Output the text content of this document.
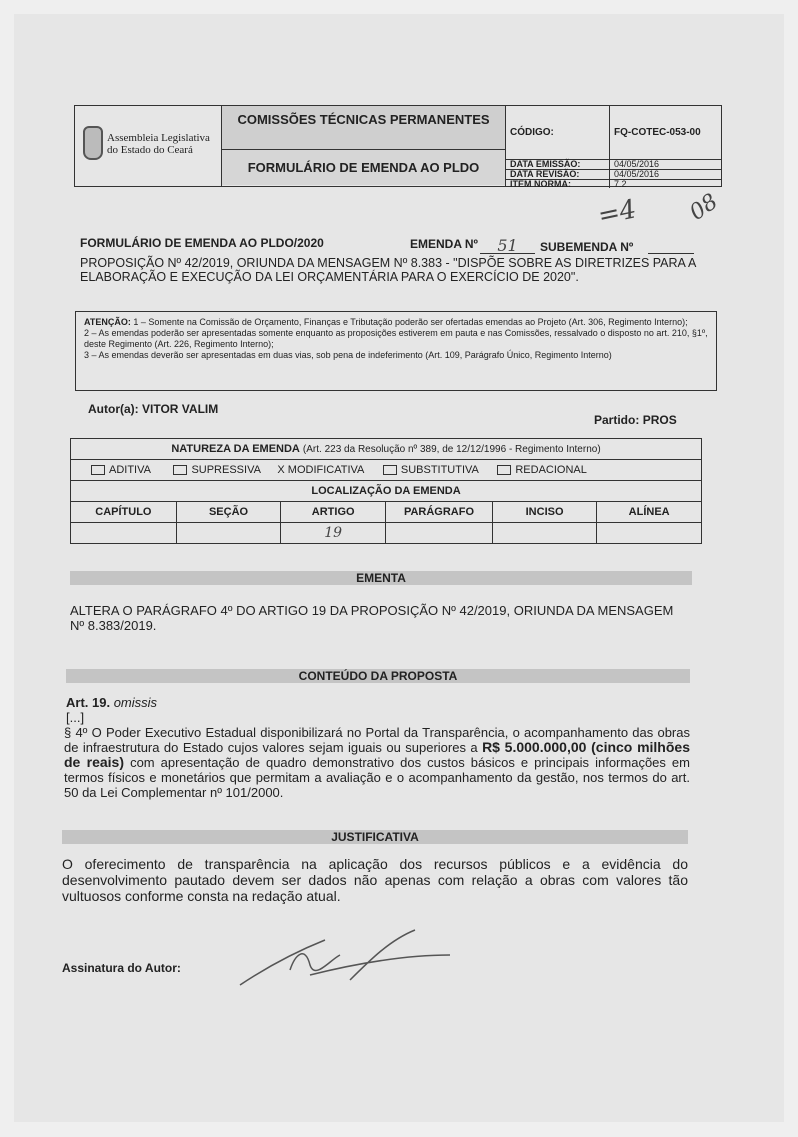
Assembleia Legislativa
do Estado do Ceará
COMISSÕES TÉCNICAS PERMANENTES
FORMULÁRIO DE EMENDA AO PLDO
CÓDIGO:	FQ-COTEC-053-00
DATA EMISSÃO:	04/05/2016
DATA REVISÃO:	04/05/2016
ITEM NORMA:	7.2
=4 08
FORMULÁRIO DE EMENDA AO PLDO/2020	EMENDA Nº	51	SUBEMENDA Nº
PROPOSIÇÃO Nº 42/2019, ORIUNDA DA MENSAGEM Nº 8.383 - "DISPÕE SOBRE AS DIRETRIZES PARA A ELABORAÇÃO E EXECUÇÃO DA LEI ORÇAMENTÁRIA PARA O EXERCÍCIO DE 2020".
ATENÇÃO: 1 – Somente na Comissão de Orçamento, Finanças e Tributação poderão ser ofertadas emendas ao Projeto (Art. 306, Regimento Interno);
2 – As emendas poderão ser apresentadas somente enquanto as proposições estiverem em pauta e nas Comissões, ressalvado o disposto no art. 210, §1º, deste Regimento (Art. 226, Regimento Interno);
3 – As emendas deverão ser apresentadas em duas vias, sob pena de indeferimento (Art. 109, Parágrafo Único, Regimento Interno)
Autor(a): VITOR VALIM
Partido: PROS
NATUREZA DA EMENDA (Art. 223 da Resolução nº 389, de 12/12/1996 - Regimento Interno)					
ADITIVA SUPRESSIVA X MODIFICATIVA SUBSTITUTIVA REDACIONAL					
LOCALIZAÇÃO DA EMENDA					
CAPÍTULO	SEÇÃO	ARTIGO	PARÁGRAFO	INCISO	ALÍNEA
		19			
EMENTA
ALTERA O PARÁGRAFO 4º DO ARTIGO 19 DA PROPOSIÇÃO Nº 42/2019, ORIUNDA DA MENSAGEM Nº 8.383/2019.
CONTEÚDO DA PROPOSTA
Art. 19. omissis
[...]
§ 4º O Poder Executivo Estadual disponibilizará no Portal da Transparência, o acompanhamento das obras de infraestrutura do Estado cujos valores sejam iguais ou superiores a R$ 5.000.000,00 (cinco milhões de reais) com apresentação de quadro demonstrativo dos custos básicos e principais informações em termos físicos e monetários que permitam a avaliação e o acompanhamento da gestão, nos termos do art. 50 da Lei Complementar nº 101/2000.
JUSTIFICATIVA
O oferecimento de transparência na aplicação dos recursos públicos e a evidência do desenvolvimento pautado devem ser dados não apenas com relação a obras com valores tão vultuosos conforme consta na redação atual.
Assinatura do Autor:
